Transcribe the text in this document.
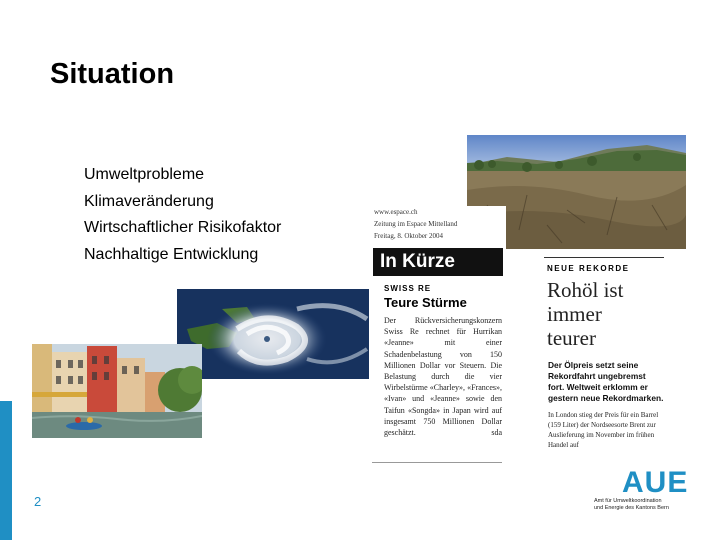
Situation
Umweltprobleme
Klimaveränderung
Wirtschaftlicher Risikofaktor
Nachhaltige Entwicklung
www.espace.ch
Zeitung im Espace Mittelland
Freitag, 8. Oktober 2004
In Kürze
SWISS RE
Teure Stürme
Der Rückversicherungskonzern Swiss Re rechnet für Hurrikan «Jeanne» mit einer Schadenbelastung von 150 Millionen Dollar vor Steuern. Die Belastung durch die vier Wirbelstürme «Charley», «Frances», «Ivan» und «Jeanne» sowie den Taifun «Songda» in Japan wird auf insgesamt 750 Millionen Dollar geschätzt.	sda
NEUE REKORDE
Rohöl ist
immer
teurer
Der Ölpreis setzt seine Rekordfahrt ungebremst fort. Weltweit erklomm er gestern neue Rekordmarken.
In London stieg der Preis für ein Barrel (159 Liter) der Nordseesorte Brent zur Auslieferung im November im frühen Handel auf
AUE
Amt für Umweltkoordination
und Energie des Kantons Bern
2
